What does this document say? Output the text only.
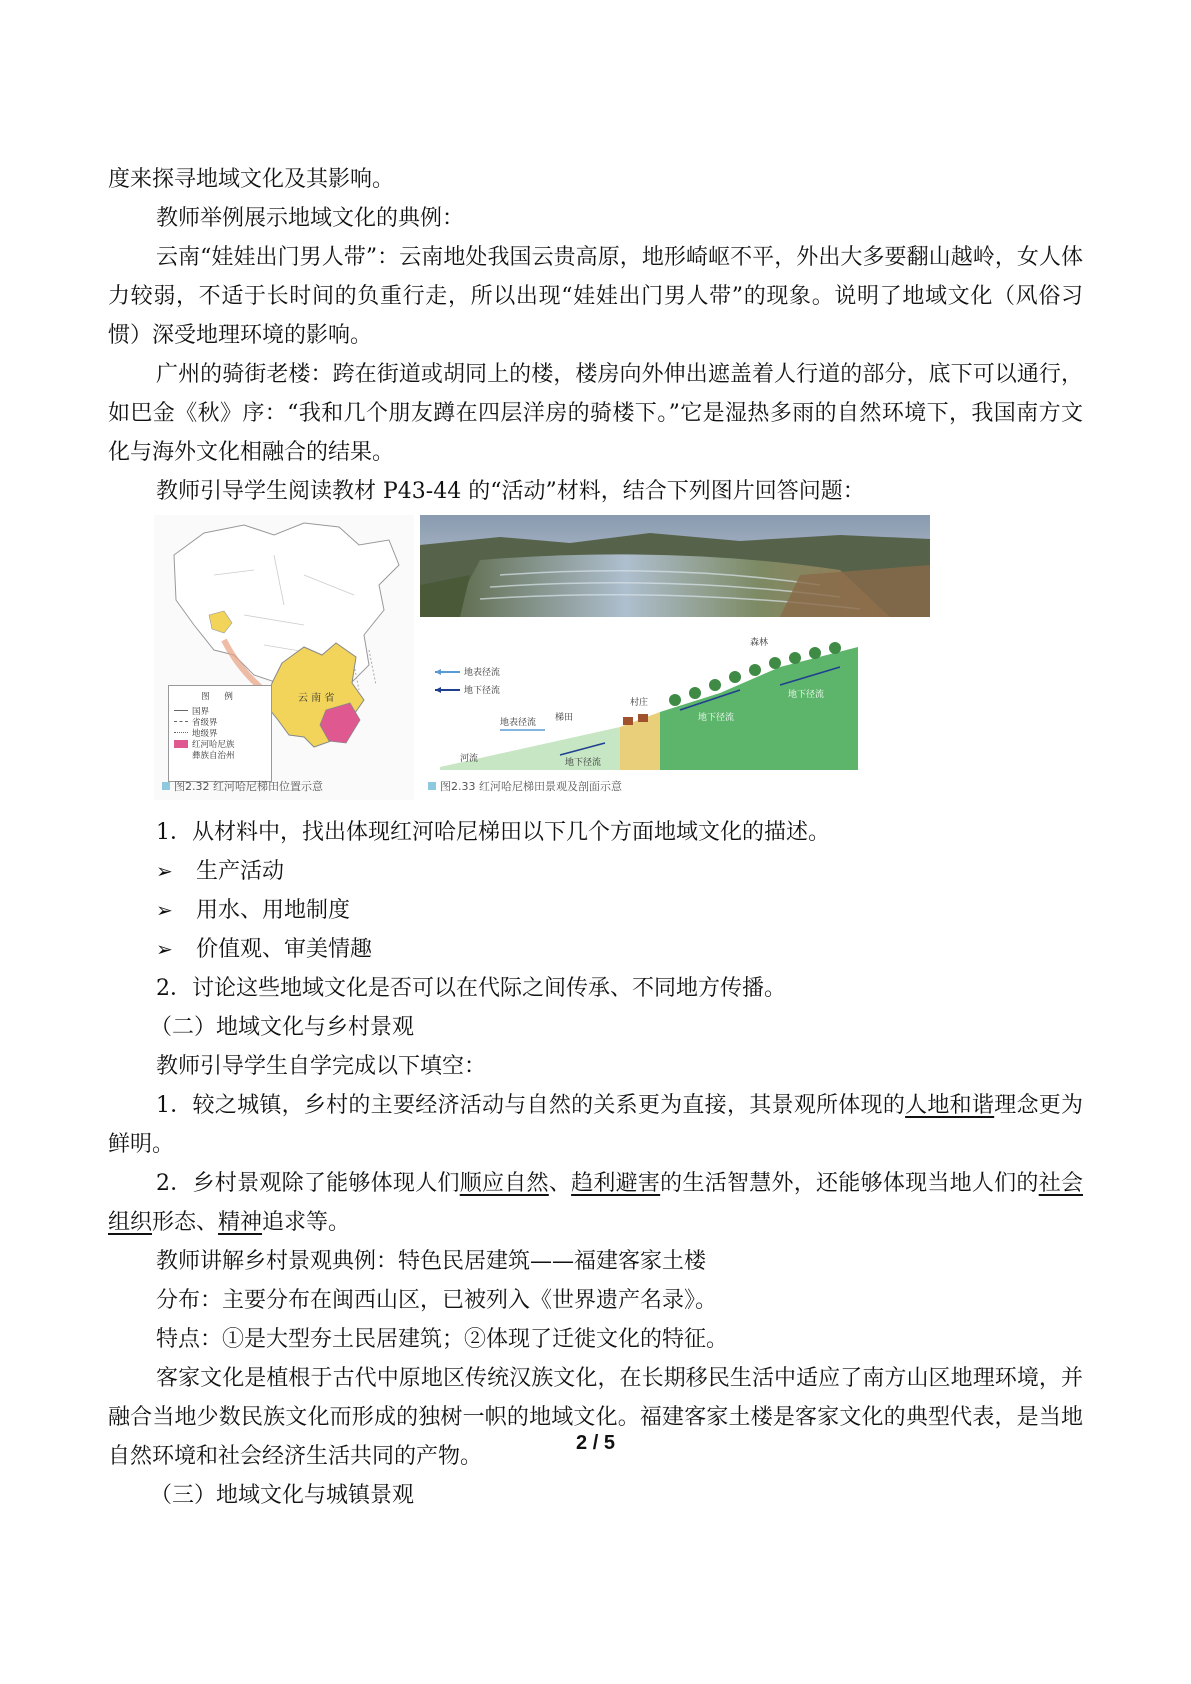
度来探寻地域文化及其影响。

教师举例展示地域文化的典例：

云南“娃娃出门男人带”：云南地处我国云贵高原，地形崎岖不平，外出大多要翻山越岭，女人体力较弱，不适于长时间的负重行走，所以出现“娃娃出门男人带”的现象。说明了地域文化（风俗习惯）深受地理环境的影响。

广州的骑街老楼：跨在街道或胡同上的楼，楼房向外伸出遮盖着人行道的部分，底下可以通行，如巴金《秋》序：“我和几个朋友蹲在四层洋房的骑楼下。”它是湿热多雨的自然环境下，我国南方文化与海外文化相融合的结果。

教师引导学生阅读教材 P43-44 的“活动”材料，结合下列图片回答问题：

云 南 省
图 例
国界
省级界
地级界
红河哈尼族
彝族自治州
图2.32 红河哈尼梯田位置示意
地表径流
地下径流
森林
村庄
梯田
河流
地表径流
地下径流
地下径流
地下径流
图2.33 红河哈尼梯田景观及剖面示意

1．从材料中，找出体现红河哈尼梯田以下几个方面地域文化的描述。

➢	生产活动
➢	用水、用地制度
➢	价值观、审美情趣

2．讨论这些地域文化是否可以在代际之间传承、不同地方传播。

（二）地域文化与乡村景观

教师引导学生自学完成以下填空：

1．较之城镇，乡村的主要经济活动与自然的关系更为直接，其景观所体现的人地和谐理念更为鲜明。

2．乡村景观除了能够体现人们顺应自然、趋利避害的生活智慧外，还能够体现当地人们的社会组织形态、精神追求等。

教师讲解乡村景观典例：特色民居建筑——福建客家土楼

分布：主要分布在闽西山区，已被列入《世界遗产名录》。

特点：①是大型夯土民居建筑；②体现了迁徙文化的特征。

客家文化是植根于古代中原地区传统汉族文化，在长期移民生活中适应了南方山区地理环境，并融合当地少数民族文化而形成的独树一帜的地域文化。福建客家土楼是客家文化的典型代表，是当地自然环境和社会经济生活共同的产物。

（三）地域文化与城镇景观

2 / 5
